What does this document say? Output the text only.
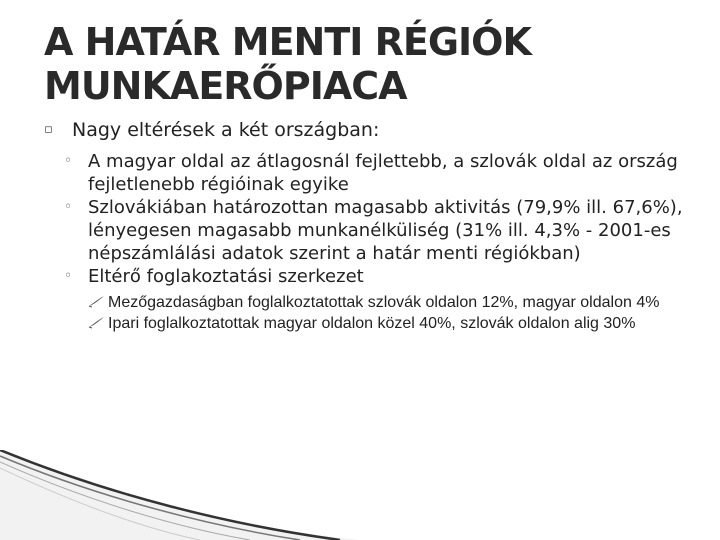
A HATÁR MENTI RÉGIÓK
MUNKAERŐPIACA
▫ Nagy eltérések a két országban:
◦ A magyar oldal az átlagosnál fejlettebb, a szlovák oldal az ország fejletlenebb régióinak egyike
◦ Szlovákiában határozottan magasabb aktivitás (79,9% ill. 67,6%), lényegesen magasabb munkanélküliség (31% ill. 4,3% - 2001-es népszámlálási adatok szerint a határ menti régiókban)
◦ Eltérő foglakoztatási szerkezet
Mezőgazdaságban foglalkoztatottak szlovák oldalon 12%, magyar oldalon 4%
Ipari foglalkoztatottak magyar oldalon közel 40%, szlovák oldalon alig 30%
